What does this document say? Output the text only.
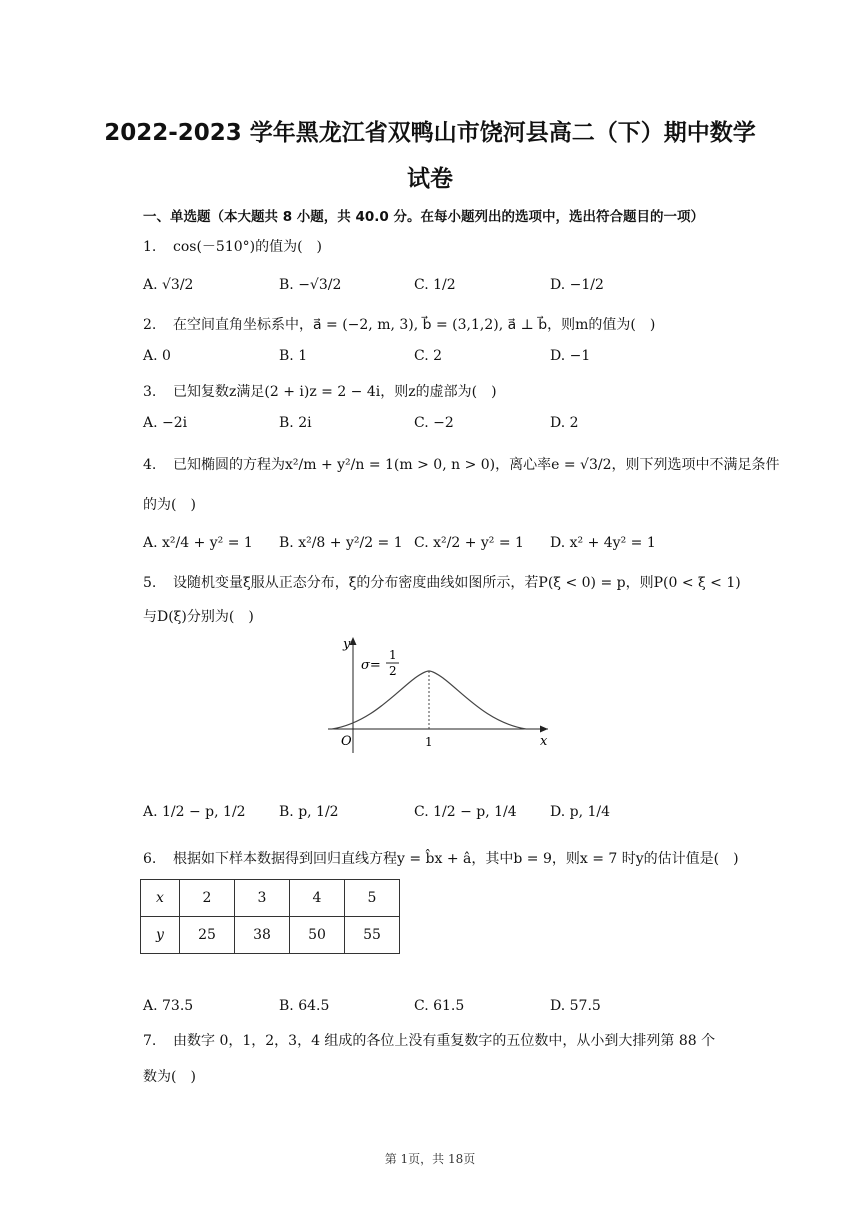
2022-2023 学年黑龙江省双鸭山市饶河县高二（下）期中数学试卷
一、单选题（本大题共 8 小题，共 40.0 分。在每小题列出的选项中，选出符合题目的一项）
1. cos(－510°)的值为(　)
A. √3/2	B. −√3/2	C. 1/2	D. −1/2
2. 在空间直角坐标系中，a⃗ = (−2, m, 3), b⃗ = (3,1,2), a⃗ ⊥ b⃗，则m的值为(　)
A. 0	B. 1	C. 2	D. −1
3. 已知复数z满足(2 + i)z = 2 − 4i，则z的虚部为(　)
A. −2i	B. 2i	C. −2	D. 2
4. 已知椭圆的方程为x²/m + y²/n = 1(m > 0, n > 0)，离心率e = √3/2，则下列选项中不满足条件
的为(　)
A. x²/4 + y² = 1 B. x²/8 + y²/2 = 1 C. x²/2 + y² = 1 D. x² + 4y² = 1
5. 设随机变量ξ服从正态分布，ξ的分布密度曲线如图所示，若P(ξ < 0) = p，则P(0 < ξ < 1)
与D(ξ)分别为(　)
y
x
O	1
σ=
1
2
A. 1/2 − p, 1/2 B. p, 1/2	C. 1/2 − p, 1/4 D. p, 1/4
6. 根据如下样本数据得到回归直线方程y = b̂x + â，其中b = 9，则x = 7 时y的估计值是(　)
x	2	3	4	5
y	25	38	50	55
A. 73.5	B. 64.5	C. 61.5	D. 57.5
7. 由数字 0，1，2，3，4 组成的各位上没有重复数字的五位数中，从小到大排列第 88 个
数为(　)
第 1页，共 18页
